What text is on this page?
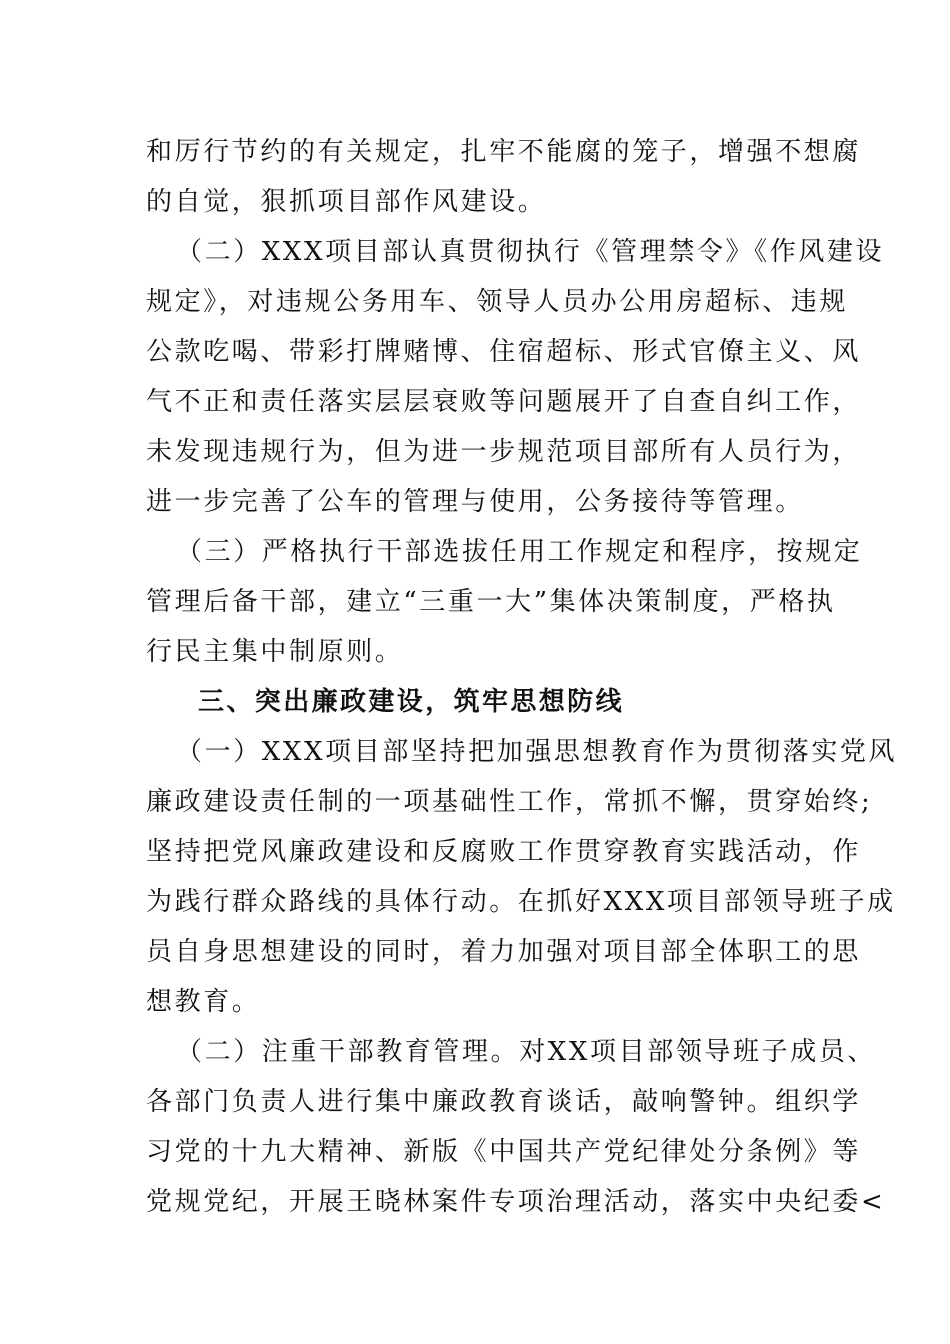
和厉行节约的有关规定，扎牢不能腐的笼子，增强不想腐
的自觉，狠抓项目部作风建设。
（二）XXX项目部认真贯彻执行《管理禁令》《作风建设
规定》，对违规公务用车、领导人员办公用房超标、违规
公款吃喝、带彩打牌赌博、住宿超标、形式官僚主义、风
气不正和责任落实层层衰败等问题展开了自查自纠工作，
未发现违规行为，但为进一步规范项目部所有人员行为，
进一步完善了公车的管理与使用，公务接待等管理。
（三）严格执行干部选拔任用工作规定和程序，按规定
管理后备干部，建立“三重一大”集体决策制度，严格执
行民主集中制原则。
三、突出廉政建设，筑牢思想防线
（一）XXX项目部坚持把加强思想教育作为贯彻落实党风
廉政建设责任制的一项基础性工作，常抓不懈，贯穿始终;
坚持把党风廉政建设和反腐败工作贯穿教育实践活动，作
为践行群众路线的具体行动。在抓好XXX项目部领导班子成
员自身思想建设的同时，着力加强对项目部全体职工的思
想教育。
（二）注重干部教育管理。对XX项目部领导班子成员、
各部门负责人进行集中廉政教育谈话，敲响警钟。组织学
习党的十九大精神、新版《中国共产党纪律处分条例》等
党规党纪，开展王晓林案件专项治理活动，落实中央纪委<
